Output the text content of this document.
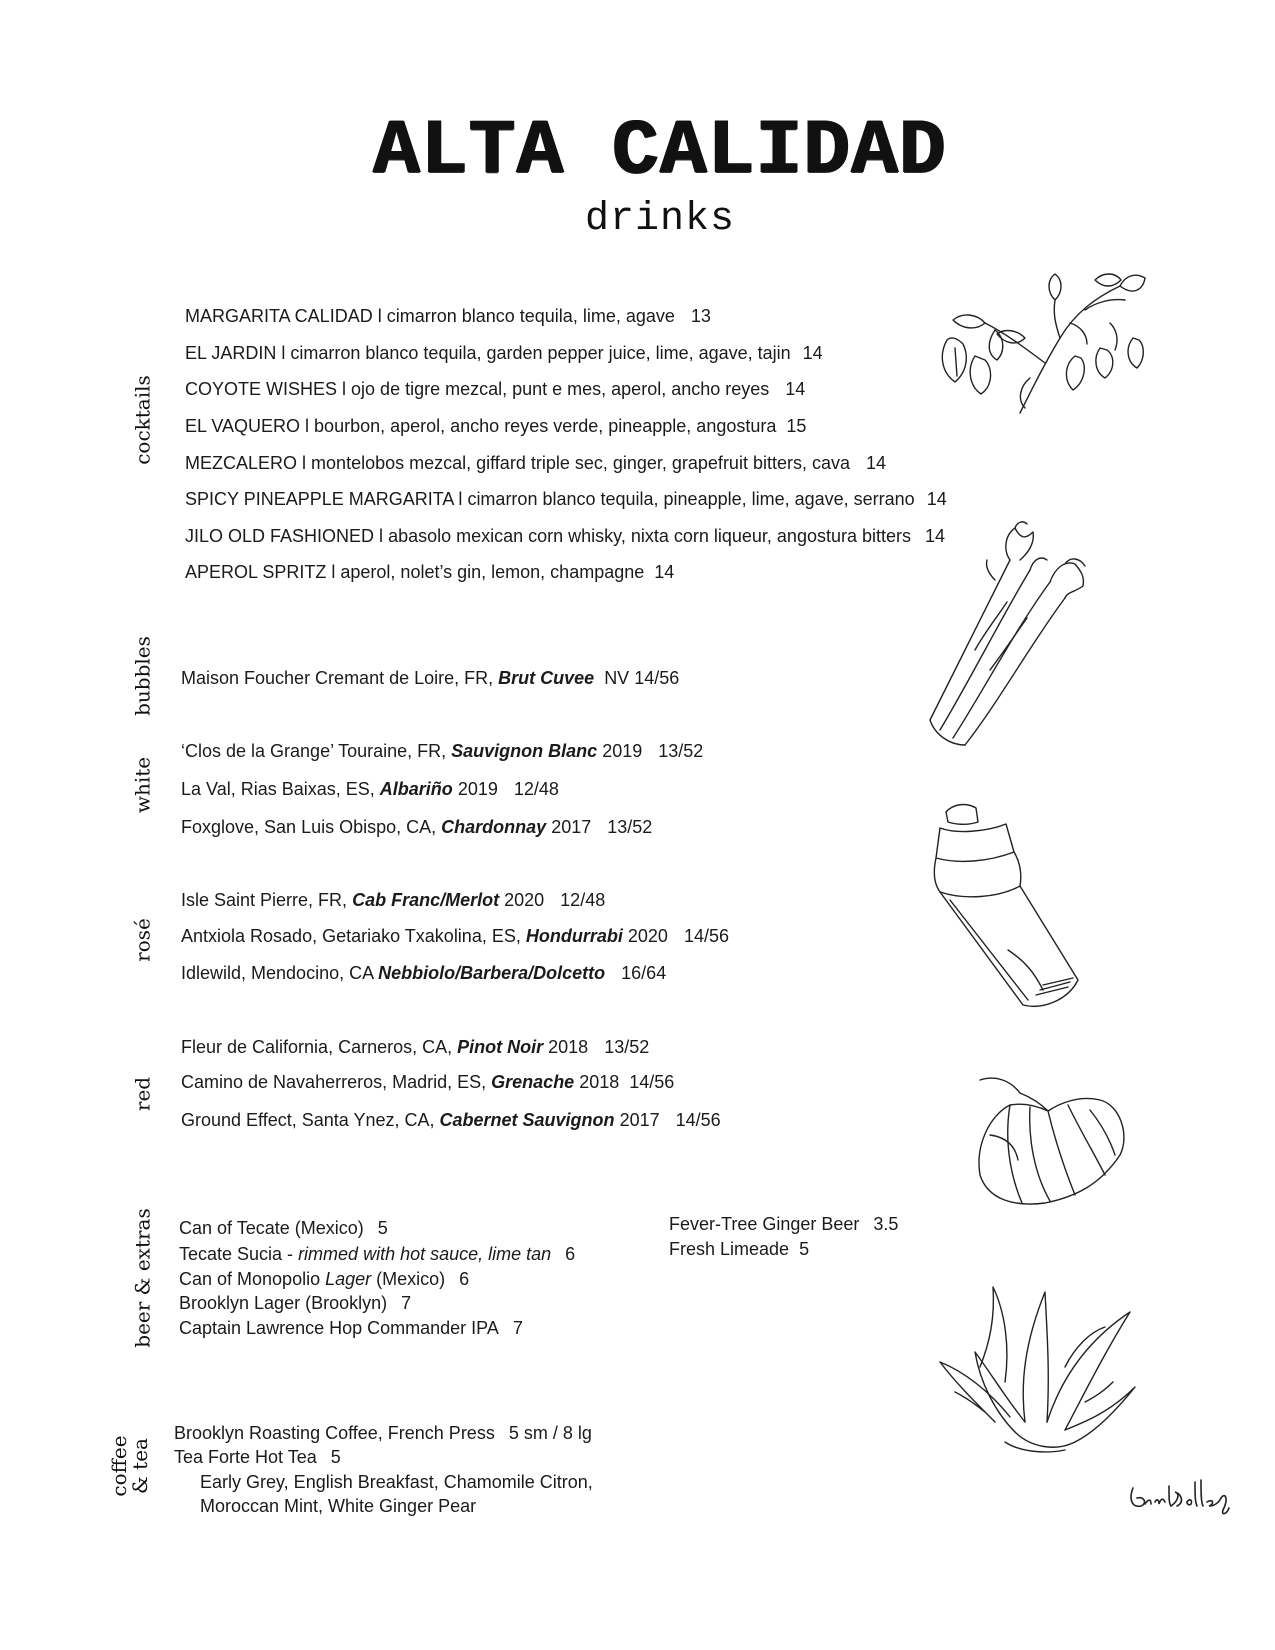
ALTA CALIDAD
drinks
cocktails
bubbles
white
rosé
red
beer & extras
coffee
& tea
MARGARITA CALIDAD l cimarron blanco tequila, lime, agave 13
EL JARDIN l cimarron blanco tequila, garden pepper juice, lime, agave, tajin 14
COYOTE WISHES l ojo de tigre mezcal, punt e mes, aperol, ancho reyes 14
EL VAQUERO l bourbon, aperol, ancho reyes verde, pineapple, angostura 15
MEZCALERO l montelobos mezcal, giffard triple sec, ginger, grapefruit bitters, cava 14
SPICY PINEAPPLE MARGARITA l cimarron blanco tequila, pineapple, lime, agave, serrano 14
JILO OLD FASHIONED l abasolo mexican corn whisky, nixta corn liqueur, angostura bitters 14
APEROL SPRITZ l aperol, nolet’s gin, lemon, champagne 14
Maison Foucher Cremant de Loire, FR, Brut Cuvee NV 14/56
‘Clos de la Grange’ Touraine, FR, Sauvignon Blanc 2019 13/52
La Val, Rias Baixas, ES, Albariño 2019 12/48
Foxglove, San Luis Obispo, CA, Chardonnay 2017 13/52
Isle Saint Pierre, FR, Cab Franc/Merlot 2020 12/48
Antxiola Rosado, Getariako Txakolina, ES, Hondurrabi 2020 14/56
Idlewild, Mendocino, CA Nebbiolo/Barbera/Dolcetto 16/64
Fleur de California, Carneros, CA, Pinot Noir 2018 13/52
Camino de Navaherreros, Madrid, ES, Grenache 2018 14/56
Ground Effect, Santa Ynez, CA, Cabernet Sauvignon 2017 14/56
Can of Tecate (Mexico) 5
Tecate Sucia - rimmed with hot sauce, lime tan 6
Can of Monopolio Lager (Mexico) 6
Brooklyn Lager (Brooklyn) 7
Captain Lawrence Hop Commander IPA 7
Fever-Tree Ginger Beer 3.5
Fresh Limeade 5
Brooklyn Roasting Coffee, French Press 5 sm / 8 lg
Tea Forte Hot Tea 5
Early Grey, English Breakfast, Chamomile Citron,
Moroccan Mint, White Ginger Pear
